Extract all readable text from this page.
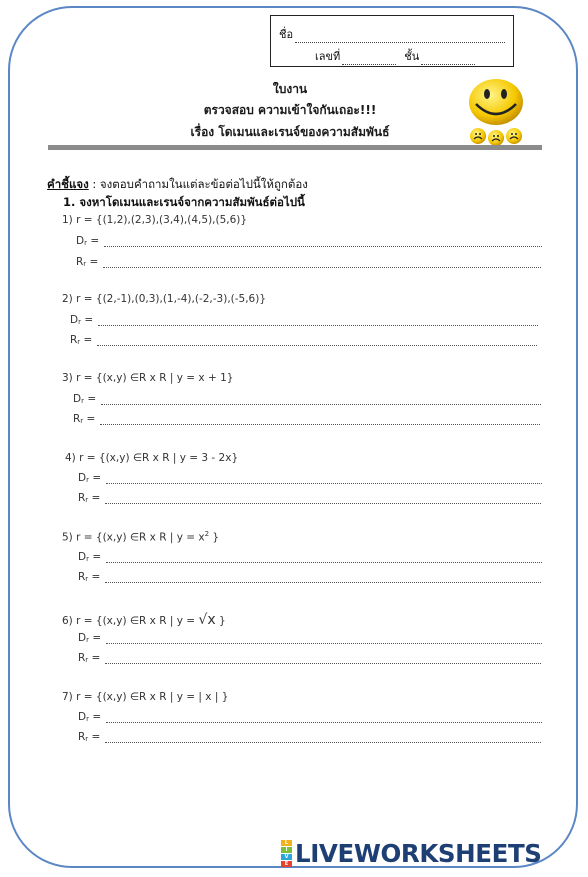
ชื่อ
เลขที่	ชั้น
ใบงาน
ตรวจสอบ ความเข้าใจกันเถอะ!!!
เรื่อง โดเมนและเรนจ์ของความสัมพันธ์
คำชี้แจง : จงตอบคำถามในแต่ละข้อต่อไปนี้ให้ถูกต้อง
1. จงหาโดเมนและเรนจ์จากความสัมพันธ์ต่อไปนี้
1) r = {(1,2),(2,3),(3,4),(4,5),(5,6)}
D r
=
R r
=
2) r = {(2,-1),(0,3),(1,-4),(-2,-3),(-5,6)}
D r
=
R r
=
3) r = {(x,y) ∈R x R | y = x + 1}
D r
=
R r
=
4) r = {(x,y) ∈R x R | y = 3 - 2x}
D r
=
R r
=
5) r = {(x,y) ∈R x R | $y = x^2$ }
D r
=
R r
=
6) r = {(x,y) ∈R x R | y = √x }
D r
=
R r
=
7) r = {(x,y) ∈R x R | y = | x | }
D r
=
R r
=
L
I
V
E LIVEWORKSHEETS
